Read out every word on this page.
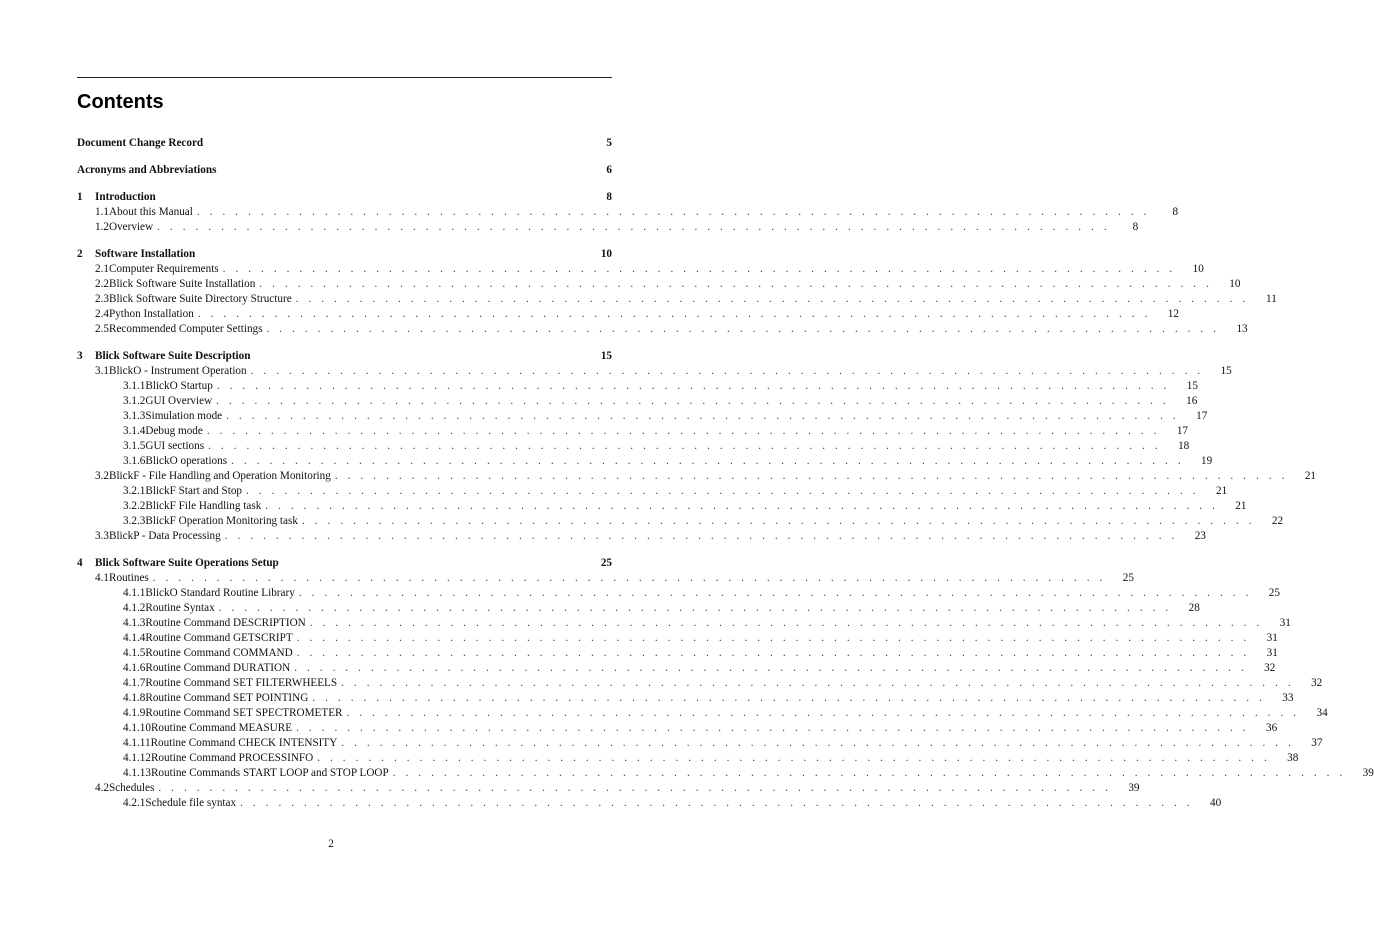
Contents
Document Change Record	5
Acronyms and Abbreviations	6
1	Introduction	8
1.1 About this Manual . . . . . . . . . . . . . . . . . . . . . . . . . . . . . . . . . . . . . . . . . . . . . . . . . . . . . . . . . . . . . . . . . . . . . . . . . . .	8
1.2 Overview . . . . . . . . . . . . . . . . . . . . . . . . . . . . . . . . . . . . . . . . . . . . . . . . . . . . . . . . . . . . . . . . . . . . . . . . . . .	8
2	Software Installation	10
2.1 Computer Requirements . . . . . . . . . . . . . . . . . . . . . . . . . . . . . . . . . . . . . . . . . . . . . . . . . . . . . . . . . . . . . . . . . . . . . . . . . . .	10
2.2 Blick Software Suite Installation . . . . . . . . . . . . . . . . . . . . . . . . . . . . . . . . . . . . . . . . . . . . . . . . . . . . . . . . . . . . . . . . . . . . . . . . . . .	10
2.3 Blick Software Suite Directory Structure . . . . . . . . . . . . . . . . . . . . . . . . . . . . . . . . . . . . . . . . . . . . . . . . . . . . . . . . . . . . . . . . . . . . . . . . . . .	11
2.4 Python Installation . . . . . . . . . . . . . . . . . . . . . . . . . . . . . . . . . . . . . . . . . . . . . . . . . . . . . . . . . . . . . . . . . . . . . . . . . . .	12
2.5 Recommended Computer Settings . . . . . . . . . . . . . . . . . . . . . . . . . . . . . . . . . . . . . . . . . . . . . . . . . . . . . . . . . . . . . . . . . . . . . . . . . . .	13
3	Blick Software Suite Description	15
3.1 BlickO - Instrument Operation . . . . . . . . . . . . . . . . . . . . . . . . . . . . . . . . . . . . . . . . . . . . . . . . . . . . . . . . . . . . . . . . . . . . . . . . . . .	15
3.1.1 BlickO Startup . . . . . . . . . . . . . . . . . . . . . . . . . . . . . . . . . . . . . . . . . . . . . . . . . . . . . . . . . . . . . . . . . . . . . . . . . . .	15
3.1.2 GUI Overview . . . . . . . . . . . . . . . . . . . . . . . . . . . . . . . . . . . . . . . . . . . . . . . . . . . . . . . . . . . . . . . . . . . . . . . . . . .	16
3.1.3 Simulation mode . . . . . . . . . . . . . . . . . . . . . . . . . . . . . . . . . . . . . . . . . . . . . . . . . . . . . . . . . . . . . . . . . . . . . . . . . . .	17
3.1.4 Debug mode . . . . . . . . . . . . . . . . . . . . . . . . . . . . . . . . . . . . . . . . . . . . . . . . . . . . . . . . . . . . . . . . . . . . . . . . . . .	17
3.1.5 GUI sections . . . . . . . . . . . . . . . . . . . . . . . . . . . . . . . . . . . . . . . . . . . . . . . . . . . . . . . . . . . . . . . . . . . . . . . . . . .	18
3.1.6 BlickO operations . . . . . . . . . . . . . . . . . . . . . . . . . . . . . . . . . . . . . . . . . . . . . . . . . . . . . . . . . . . . . . . . . . . . . . . . . . .	19
3.2 BlickF - File Handling and Operation Monitoring . . . . . . . . . . . . . . . . . . . . . . . . . . . . . . . . . . . . . . . . . . . . . . . . . . . . . . . . . . . . . . . . . . . . . . . . . . .	21
3.2.1 BlickF Start and Stop . . . . . . . . . . . . . . . . . . . . . . . . . . . . . . . . . . . . . . . . . . . . . . . . . . . . . . . . . . . . . . . . . . . . . . . . . . .	21
3.2.2 BlickF File Handling task . . . . . . . . . . . . . . . . . . . . . . . . . . . . . . . . . . . . . . . . . . . . . . . . . . . . . . . . . . . . . . . . . . . . . . . . . . .	21
3.2.3 BlickF Operation Monitoring task . . . . . . . . . . . . . . . . . . . . . . . . . . . . . . . . . . . . . . . . . . . . . . . . . . . . . . . . . . . . . . . . . . . . . . . . . . .	22
3.3 BlickP - Data Processing . . . . . . . . . . . . . . . . . . . . . . . . . . . . . . . . . . . . . . . . . . . . . . . . . . . . . . . . . . . . . . . . . . . . . . . . . . .	23
4	Blick Software Suite Operations Setup	25
4.1 Routines . . . . . . . . . . . . . . . . . . . . . . . . . . . . . . . . . . . . . . . . . . . . . . . . . . . . . . . . . . . . . . . . . . . . . . . . . . .	25
4.1.1 BlickO Standard Routine Library . . . . . . . . . . . . . . . . . . . . . . . . . . . . . . . . . . . . . . . . . . . . . . . . . . . . . . . . . . . . . . . . . . . . . . . . . . .	25
4.1.2 Routine Syntax . . . . . . . . . . . . . . . . . . . . . . . . . . . . . . . . . . . . . . . . . . . . . . . . . . . . . . . . . . . . . . . . . . . . . . . . . . .	28
4.1.3 Routine Command DESCRIPTION . . . . . . . . . . . . . . . . . . . . . . . . . . . . . . . . . . . . . . . . . . . . . . . . . . . . . . . . . . . . . . . . . . . . . . . . . . .	31
4.1.4 Routine Command GETSCRIPT . . . . . . . . . . . . . . . . . . . . . . . . . . . . . . . . . . . . . . . . . . . . . . . . . . . . . . . . . . . . . . . . . . . . . . . . . . .	31
4.1.5 Routine Command COMMAND . . . . . . . . . . . . . . . . . . . . . . . . . . . . . . . . . . . . . . . . . . . . . . . . . . . . . . . . . . . . . . . . . . . . . . . . . . .	31
4.1.6 Routine Command DURATION . . . . . . . . . . . . . . . . . . . . . . . . . . . . . . . . . . . . . . . . . . . . . . . . . . . . . . . . . . . . . . . . . . . . . . . . . . .	32
4.1.7 Routine Command SET FILTERWHEELS . . . . . . . . . . . . . . . . . . . . . . . . . . . . . . . . . . . . . . . . . . . . . . . . . . . . . . . . . . . . . . . . . . . . . . . . . . .	32
4.1.8 Routine Command SET POINTING . . . . . . . . . . . . . . . . . . . . . . . . . . . . . . . . . . . . . . . . . . . . . . . . . . . . . . . . . . . . . . . . . . . . . . . . . . .	33
4.1.9 Routine Command SET SPECTROMETER . . . . . . . . . . . . . . . . . . . . . . . . . . . . . . . . . . . . . . . . . . . . . . . . . . . . . . . . . . . . . . . . . . . . . . . . . . .	34
4.1.10 Routine Command MEASURE . . . . . . . . . . . . . . . . . . . . . . . . . . . . . . . . . . . . . . . . . . . . . . . . . . . . . . . . . . . . . . . . . . . . . . . . . . .	36
4.1.11 Routine Command CHECK INTENSITY . . . . . . . . . . . . . . . . . . . . . . . . . . . . . . . . . . . . . . . . . . . . . . . . . . . . . . . . . . . . . . . . . . . . . . . . . . .	37
4.1.12 Routine Command PROCESSINFO . . . . . . . . . . . . . . . . . . . . . . . . . . . . . . . . . . . . . . . . . . . . . . . . . . . . . . . . . . . . . . . . . . . . . . . . . . .	38
4.1.13 Routine Commands START LOOP and STOP LOOP . . . . . . . . . . . . . . . . . . . . . . . . . . . . . . . . . . . . . . . . . . . . . . . . . . . . . . . . . . . . . . . . . . . . . . . . . . .	39
4.2 Schedules . . . . . . . . . . . . . . . . . . . . . . . . . . . . . . . . . . . . . . . . . . . . . . . . . . . . . . . . . . . . . . . . . . . . . . . . . . .	39
4.2.1 Schedule file syntax . . . . . . . . . . . . . . . . . . . . . . . . . . . . . . . . . . . . . . . . . . . . . . . . . . . . . . . . . . . . . . . . . . . . . . . . . . .	40
2
